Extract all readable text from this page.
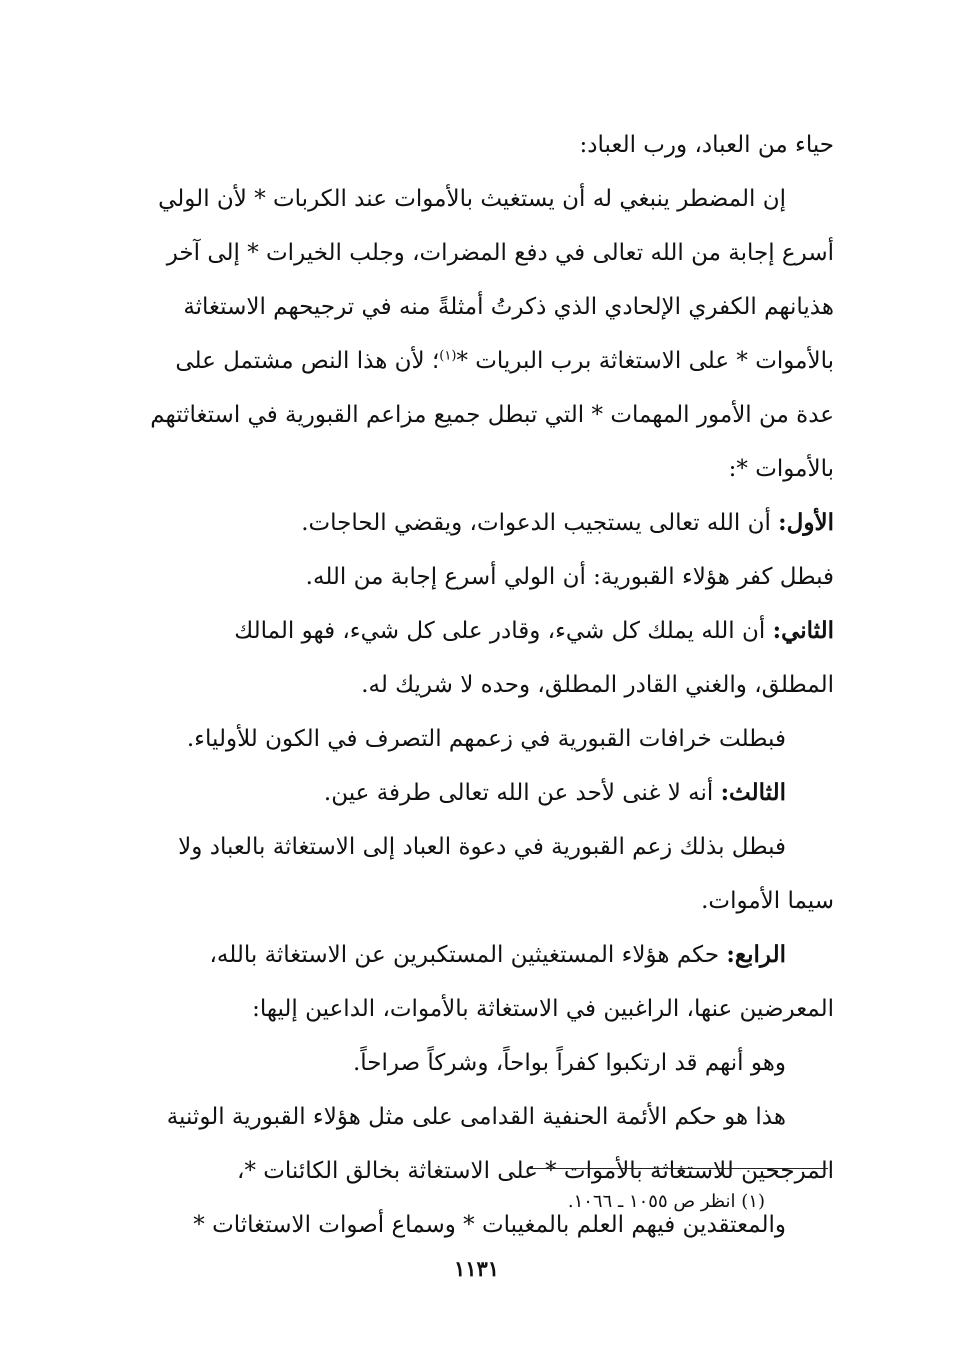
حياء من العباد، ورب العباد:
إن المضطر ينبغي له أن يستغيث بالأموات عند الكربات * لأن الولي
أسرع إجابة من الله تعالى في دفع المضرات، وجلب الخيرات * إلى آخر
هذيانهم الكفري الإلحادي الذي ذكرتُ أمثلةً منه في ترجيحهم الاستغاثة
بالأموات * على الاستغاثة برب البريات *$^{(١)}$؛ لأن هذا النص مشتمل على
عدة من الأمور المهمات * التي تبطل جميع مزاعم القبورية في استغاثتهم
بالأموات *:
الأول: أن الله تعالى يستجيب الدعوات، ويقضي الحاجات.
فبطل كفر هؤلاء القبورية: أن الولي أسرع إجابة من الله.
الثاني: أن الله يملك كل شيء، وقادر على كل شيء، فهو المالك
المطلق، والغني القادر المطلق، وحده لا شريك له.
فبطلت خرافات القبورية في زعمهم التصرف في الكون للأولياء.
الثالث: أنه لا غنى لأحد عن الله تعالى طرفة عين.
فبطل بذلك زعم القبورية في دعوة العباد إلى الاستغاثة بالعباد ولا
سيما الأموات.
الرابع: حكم هؤلاء المستغيثين المستكبرين عن الاستغاثة بالله،
المعرضين عنها، الراغبين في الاستغاثة بالأموات، الداعين إليها:
وهو أنهم قد ارتكبوا كفراً بواحاً، وشركاً صراحاً.
هذا هو حكم الأئمة الحنفية القدامى على مثل هؤلاء القبورية الوثنية
المرجحين للاستغاثة بالأموات * على الاستغاثة بخالق الكائنات *،
والمعتقدين فيهم العلم بالمغيبات * وسماع أصوات الاستغاثات *
(١) انظر ص ١٠٥٥ ـ ١٠٦٦.
١١٣١
